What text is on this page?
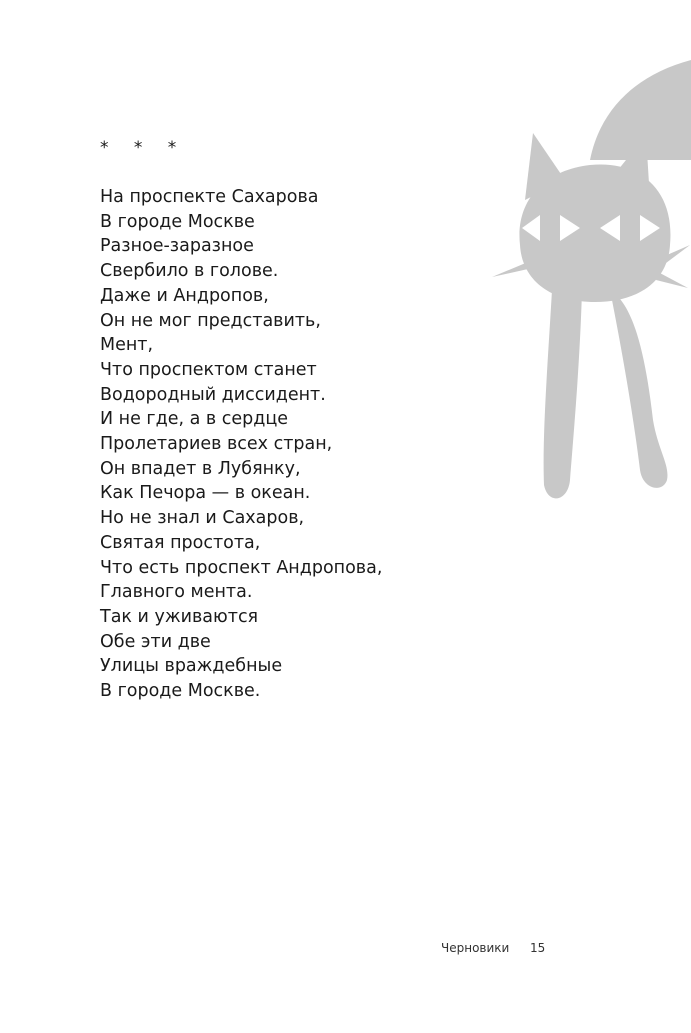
* * *
На проспекте Сахарова
В городе Москве
Разное-заразное
Свербило в голове.
Даже и Андропов,
Он не мог представить,
Мент,
Что проспектом станет
Водородный диссидент.
И не где, а в сердце
Пролетариев всех стран,
Он впадет в Лубянку,
Как Печора — в океан.
Но не знал и Сахаров,
Святая простота,
Что есть проспект Андропова,
Главного мента.
Так и уживаются
Обе эти две
Улицы враждебные
В городе Москве.
Черновики 15
